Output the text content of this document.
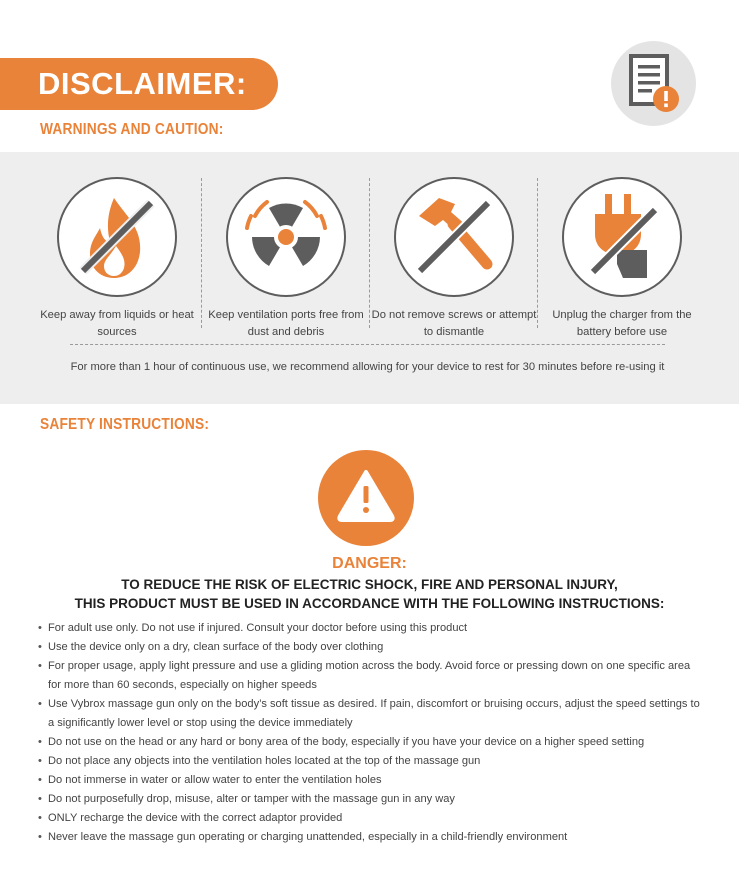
DISCLAIMER:
WARNINGS AND CAUTION:
Keep away from liquids or heat sources
Keep ventilation ports free from dust and debris
Do not remove screws or attempt to dismantle
Unplug the charger from the battery before use
For more than 1 hour of continuous use, we recommend allowing for your device to rest for 30 minutes before re-using it
SAFETY INSTRUCTIONS:
DANGER:
TO REDUCE THE RISK OF ELECTRIC SHOCK, FIRE AND PERSONAL INJURY,
THIS PRODUCT MUST BE USED IN ACCORDANCE WITH THE FOLLOWING INSTRUCTIONS:
• For adult use only. Do not use if injured. Consult your doctor before using this product
• Use the device only on a dry, clean surface of the body over clothing
• For proper usage, apply light pressure and use a gliding motion across the body. Avoid force or pressing down on one specific area for more than 60 seconds, especially on higher speeds
• Use Vybrox massage gun only on the body’s soft tissue as desired. If pain, discomfort or bruising occurs, adjust the speed settings to a significantly lower level or stop using the device immediately
• Do not use on the head or any hard or bony area of the body, especially if you have your device on a higher speed setting
• Do not place any objects into the ventilation holes located at the top of the massage gun
• Do not immerse in water or allow water to enter the ventilation holes
• Do not purposefully drop, misuse, alter or tamper with the massage gun in any way
• ONLY recharge the device with the correct adaptor provided
• Never leave the massage gun operating or charging unattended, especially in a child-friendly environment
